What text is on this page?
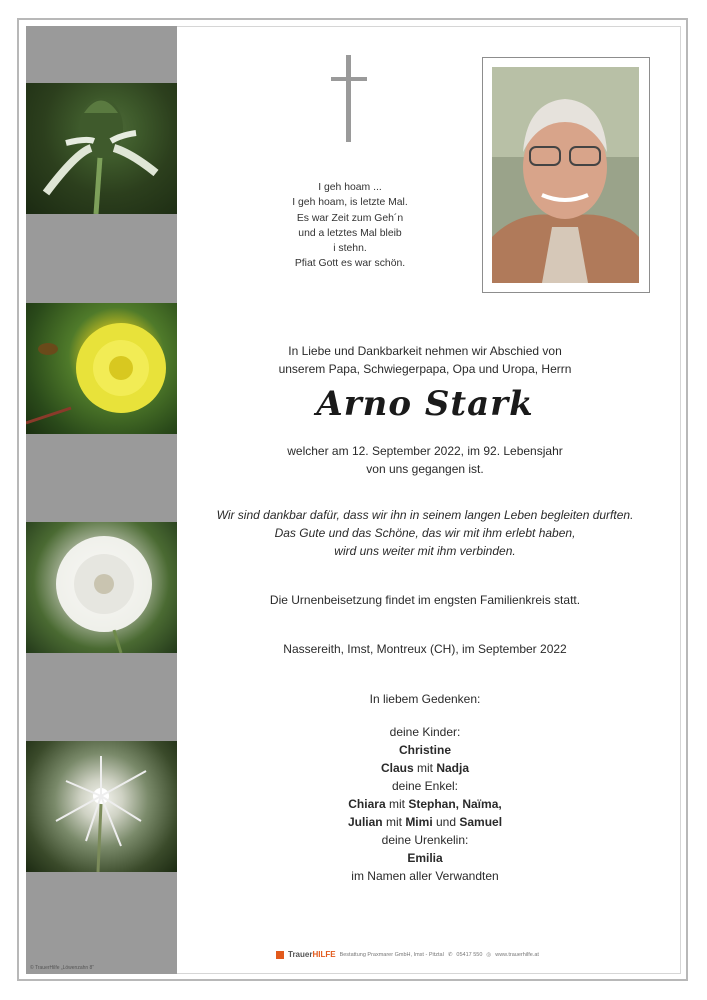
I geh hoam ...
I geh hoam, is letzte Mal.
Es war Zeit zum Geh´n
und a letztes Mal bleib
i stehn.
Pfiat Gott es war schön.
In Liebe und Dankbarkeit nehmen wir Abschied von
unserem Papa, Schwiegerpapa, Opa und Uropa, Herrn
Arno Stark
welcher am 12. September 2022, im 92. Lebensjahr
von uns gegangen ist.
Wir sind dankbar dafür, dass wir ihn in seinem langen Leben begleiten durften.
Das Gute und das Schöne, das wir mit ihm erlebt haben,
wird uns weiter mit ihm verbinden.
Die Urnenbeisetzung findet im engsten Familienkreis statt.
Nassereith, Imst, Montreux (CH), im September 2022
In liebem Gedenken:
deine Kinder:
Christine
Claus mit Nadja
deine Enkel:
Chiara mit Stephan, Naïma,
Julian mit Mimi und Samuel
deine Urenkelin:
Emilia
im Namen aller Verwandten
© TrauerHilfe „Löwenzahn 8“
TrauerHILFE Bestattung Praxmarer GmbH, Imst - Pitztal ✆ 05417 550 ◎ www.trauerhilfe.at
